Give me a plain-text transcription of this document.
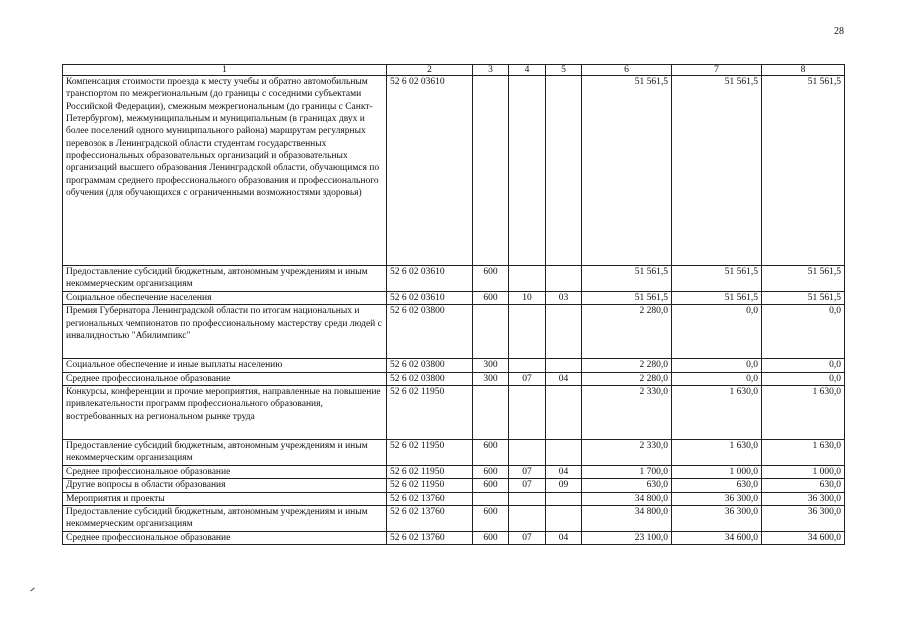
28
1	2	3	4	5	6	7	8
Компенсация стоимости проезда к месту учебы и обратно автомобильным транспортом по межрегиональным (до границы с соседними субъектами Российской Федерации), смежным межрегиональным (до границы с Санкт-Петербургом), межмуниципальным и муниципальным (в границах двух и более поселений одного муниципального района) маршрутам регулярных перевозок в Ленинградской области студентам государственных профессиональных образовательных организаций и образовательных организаций высшего образования Ленинградской области, обучающимся по программам среднего профессионального образования и профессионального обучения (для обучающихся с ограниченными возможностями здоровья)	52 6 02 03610				51 561,5	51 561,5	51 561,5
Предоставление субсидий бюджетным, автономным учреждениям и иным некоммерческим организациям	52 6 02 03610	600			51 561,5	51 561,5	51 561,5
Социальное обеспечение населения	52 6 02 03610	600	10	03	51 561,5	51 561,5	51 561,5
Премия Губернатора Ленинградской области по итогам национальных и региональных чемпионатов по профессиональному мастерству среди людей с инвалидностью "Абилимпикс"	52 6 02 03800				2 280,0	0,0	0,0
Социальное обеспечение и иные выплаты населению	52 6 02 03800	300			2 280,0	0,0	0,0
Среднее профессиональное образование	52 6 02 03800	300	07	04	2 280,0	0,0	0,0
Конкурсы, конференции и прочие мероприятия, направленные на повышение привлекательности программ профессионального образования, востребованных на региональном рынке труда	52 6 02 11950				2 330,0	1 630,0	1 630,0
Предоставление субсидий бюджетным, автономным учреждениям и иным некоммерческим организациям	52 6 02 11950	600			2 330,0	1 630,0	1 630,0
Среднее профессиональное образование	52 6 02 11950	600	07	04	1 700,0	1 000,0	1 000,0
Другие вопросы в области образования	52 6 02 11950	600	07	09	630,0	630,0	630,0
Мероприятия и проекты	52 6 02 13760				34 800,0	36 300,0	36 300,0
Предоставление субсидий бюджетным, автономным учреждениям и иным некоммерческим организациям	52 6 02 13760	600			34 800,0	36 300,0	36 300,0
Среднее профессиональное образование	52 6 02 13760	600	07	04	23 100,0	34 600,0	34 600,0
